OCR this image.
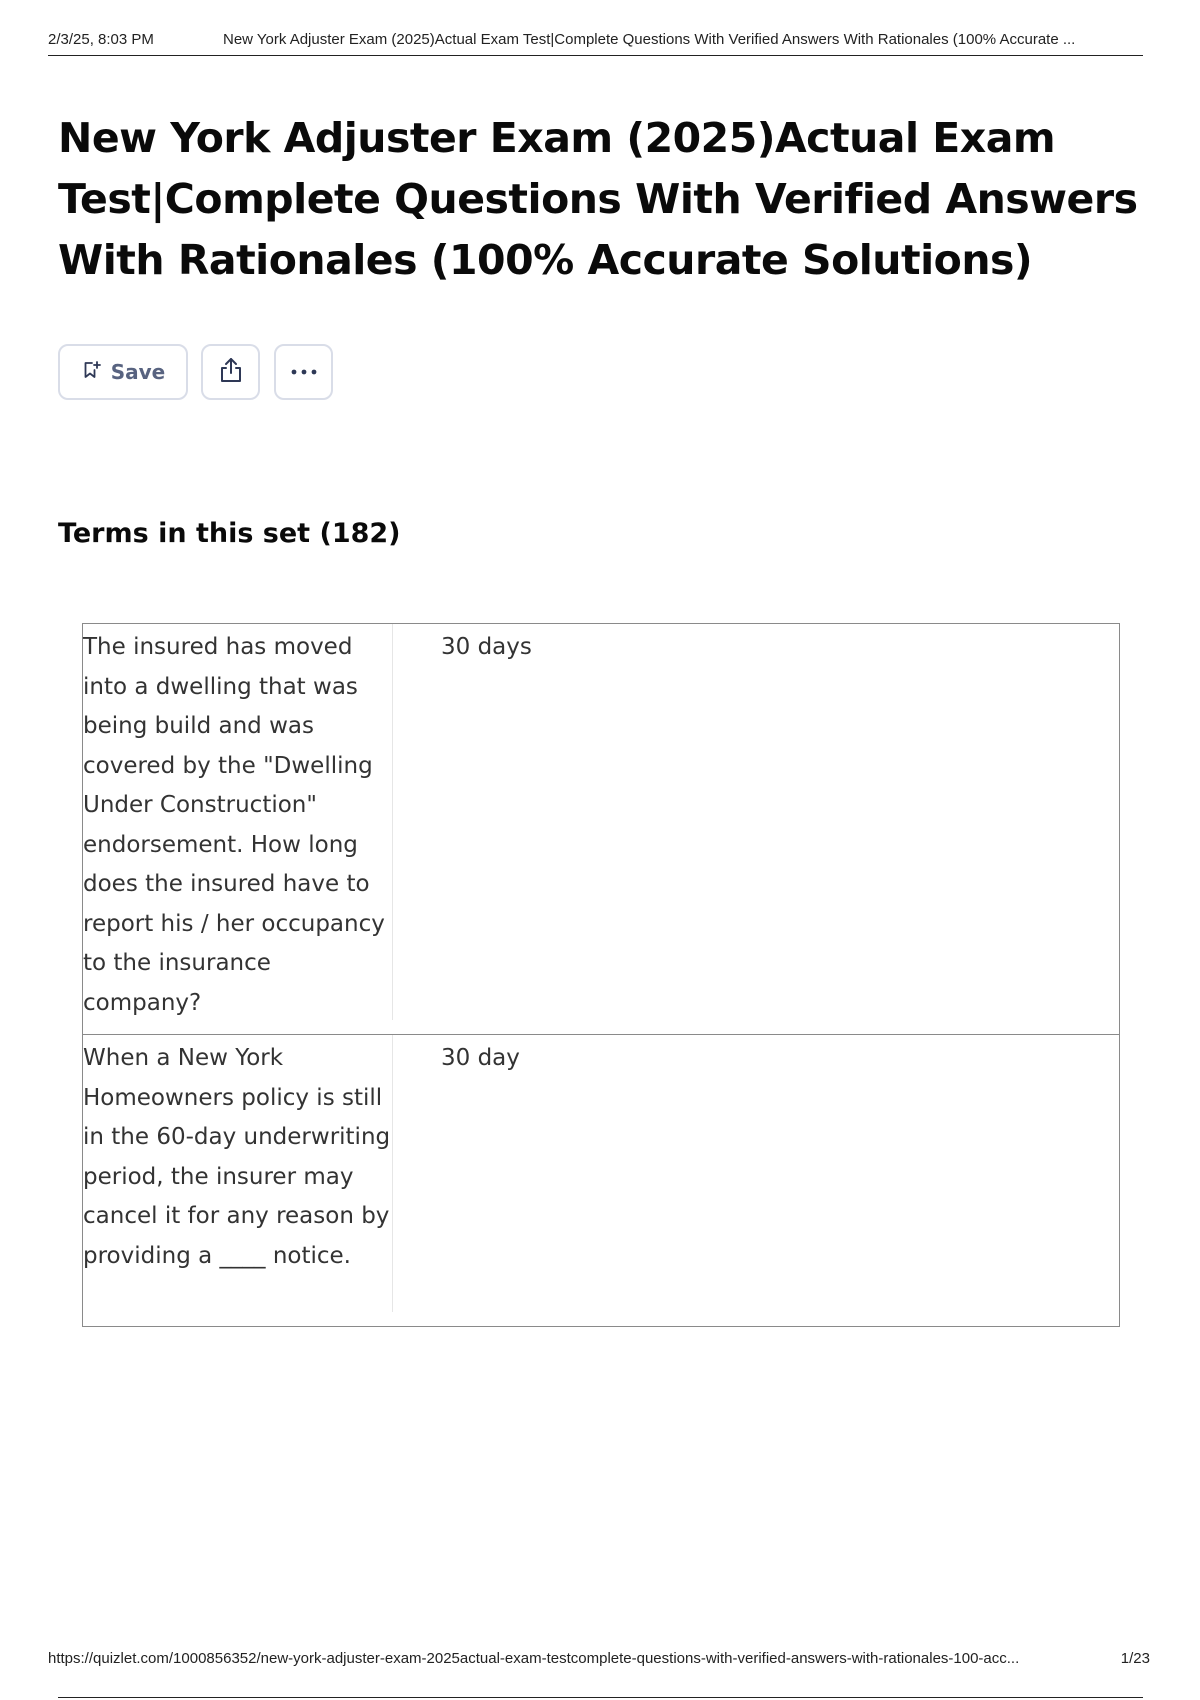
2/3/25, 8:03 PM	New York Adjuster Exam (2025)Actual Exam Test|Complete Questions With Verified Answers With Rationales (100% Accurate ...
New York Adjuster Exam (2025)Actual Exam Test|Complete Questions With Verified Answers With Rationales (100% Accurate Solutions)
Save
Terms in this set (182)
The insured has moved into a dwelling that was being build and was covered by the "Dwelling Under Construction" endorsement. How long does the insured have to report his / her occupancy to the insurance company?
30 days
When a New York Homeowners policy is still in the 60-day underwriting period, the insurer may cancel it for any reason by providing a ____ notice.
30 day
https://quizlet.com/1000856352/new-york-adjuster-exam-2025actual-exam-testcomplete-questions-with-verified-answers-with-rationales-100-acc...	1/23
